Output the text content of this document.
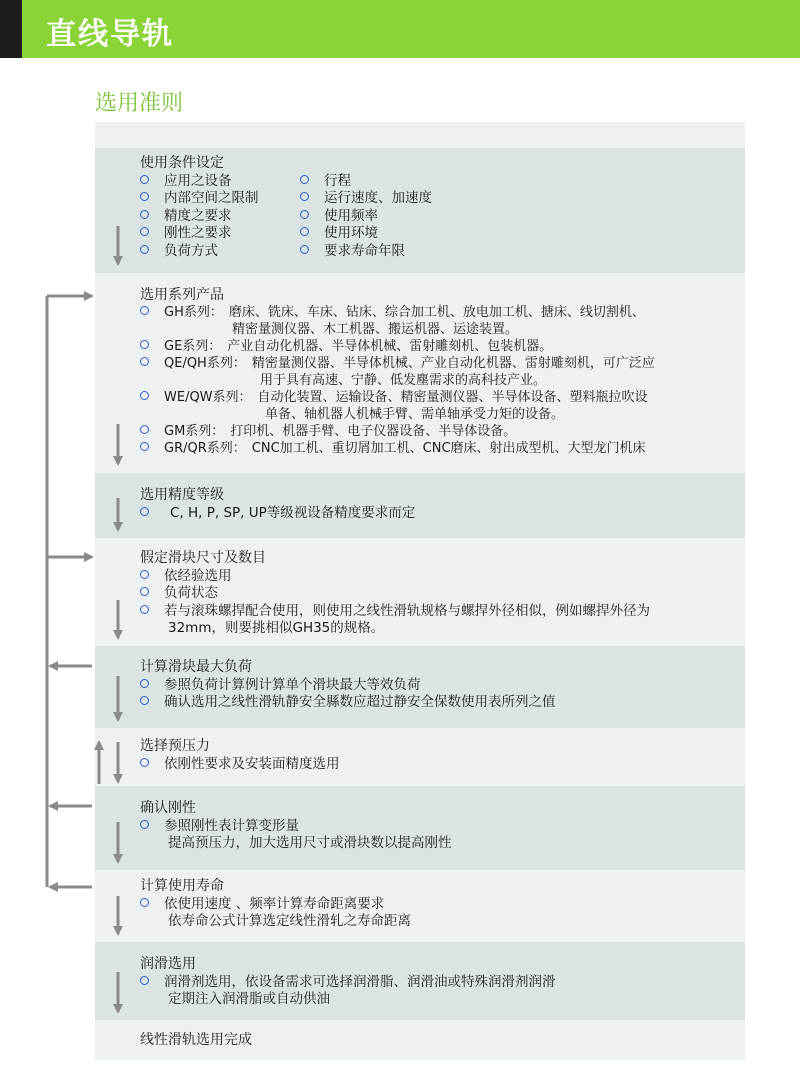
直线导轨
选用准则

使用条件设定

应用之设备
内部空间之限制
精度之要求
刚性之要求
负荷方式
行程
运行速度、加速度
使用频率
使用环境
要求寿命年限

选用系列产品

GH系列： 磨床、铣床、车床、钻床、综合加工机、放电加工机、搪床、线切割机、
精密量测仪器、木工机器、搬运机器、运途装置。
GE系列： 产业自动化机器、半导体机械、雷射雕刻机、包装机器。
QE/QH系列： 精密量测仪器、半导体机械、产业自动化机器、雷射雕刻机，可广泛应
用于具有高速、宁静、低发塵需求的高科技产业。
WE/QW系列： 自动化装置、运输设备、精密量测仪器、半导体设备、塑料瓶拉吹设
单备、轴机器人机械手臂、需单轴承受力矩的设备。
GM系列： 打印机、机器手臂、电子仪器设备、半导体设备。
GR/QR系列： CNC加工机、重切屑加工机、CNC磨床、射出成型机、大型龙门机床

选用精度等级

C, H, P, SP, UP等级视设备精度要求而定

假定滑块尺寸及数目

依经验选用
负荷状态
若与滚珠螺捍配合使用，则使用之线性滑轨规格与螺捍外径相似，例如螺捍外径为
32mm，则要挑相似GH35的规格。

计算滑块最大负荷

参照负荷计算例计算单个滑块最大等效负荷
确认选用之线性滑轨静安全縣数应超过静安全保数使用表所列之值

选择预压力

依刚性要求及安装面精度选用

确认刚性

参照刚性表计算变形量
提高预压力，加大选用尺寸或滑块数以提高刚性

计算使用寿命

依使用速度 、频率计算寿命距离要求
依寿命公式计算选定线性滑轧之寿命距离

润滑选用

润滑剂选用，依设备需求可选择润滑脂、润滑油或特殊润滑剂润滑
定期注入润滑脂或自动供油

线性滑轨选用完成
